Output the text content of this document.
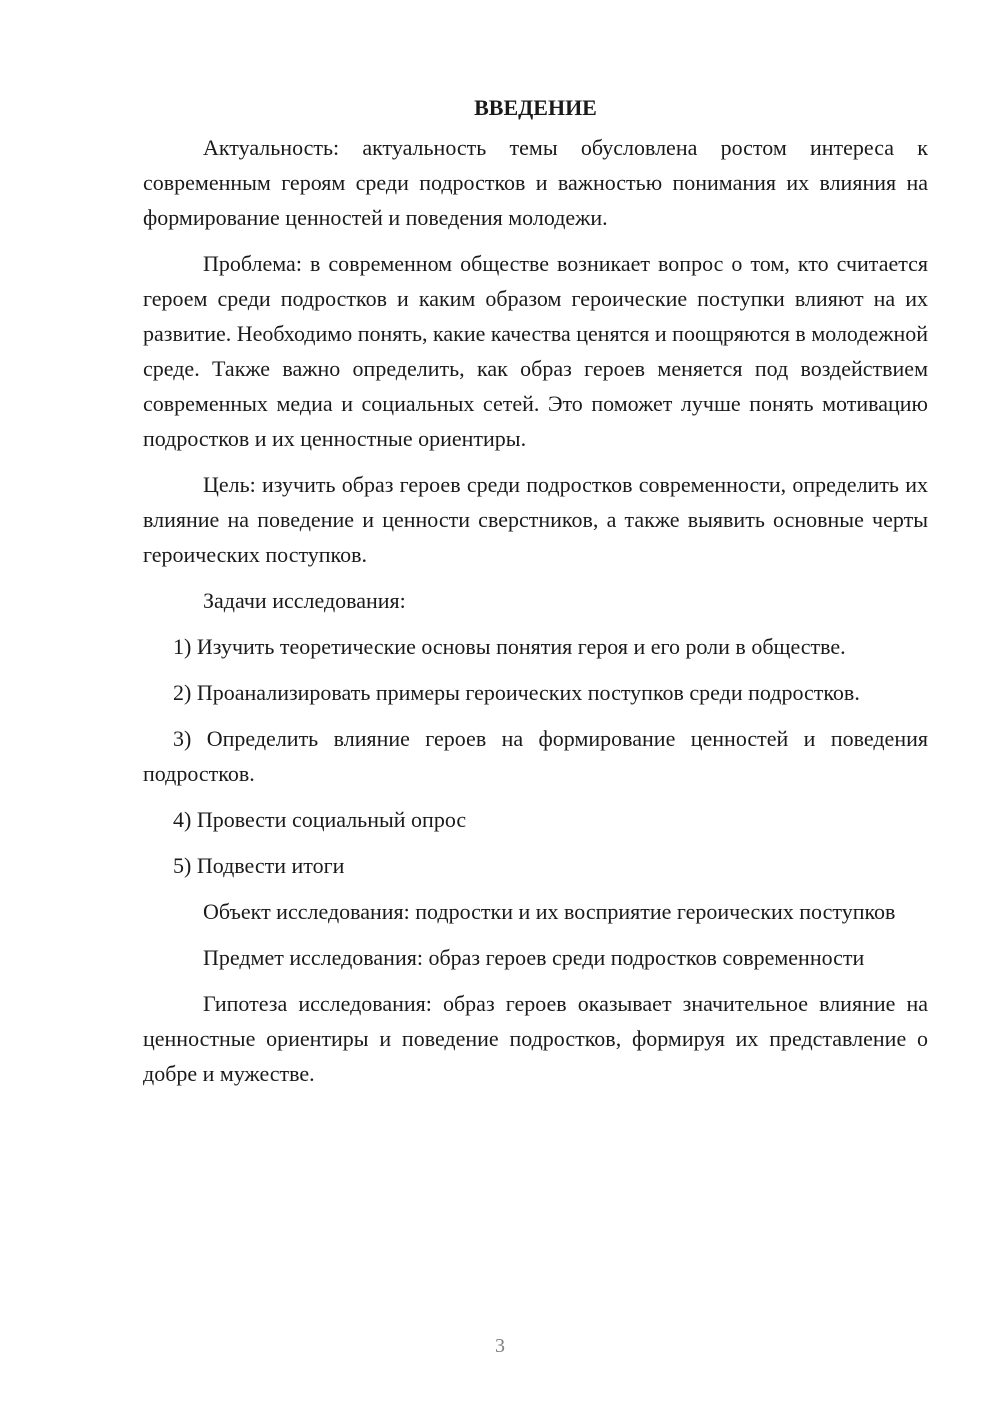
ВВЕДЕНИЕ

Актуальность: актуальность темы обусловлена ростом интереса к современным героям среди подростков и важностью понимания их влияния на формирование ценностей и поведения молодежи.

Проблема: в современном обществе возникает вопрос о том, кто считается героем среди подростков и каким образом героические поступки влияют на их развитие. Необходимо понять, какие качества ценятся и поощряются в молодежной среде. Также важно определить, как образ героев меняется под воздействием современных медиа и социальных сетей. Это поможет лучше понять мотивацию подростков и их ценностные ориентиры.

Цель: изучить образ героев среди подростков современности, определить их влияние на поведение и ценности сверстников, а также выявить основные черты героических поступков.

Задачи исследования:

1) Изучить теоретические основы понятия героя и его роли в обществе.

2) Проанализировать примеры героических поступков среди подростков.

3) Определить влияние героев на формирование ценностей и поведения подростков.

4) Провести социальный опрос

5) Подвести итоги

Объект исследования: подростки и их восприятие героических поступков

Предмет исследования: образ героев среди подростков современности

Гипотеза исследования: образ героев оказывает значительное влияние на ценностные ориентиры и поведение подростков, формируя их представление о добре и мужестве.

3
